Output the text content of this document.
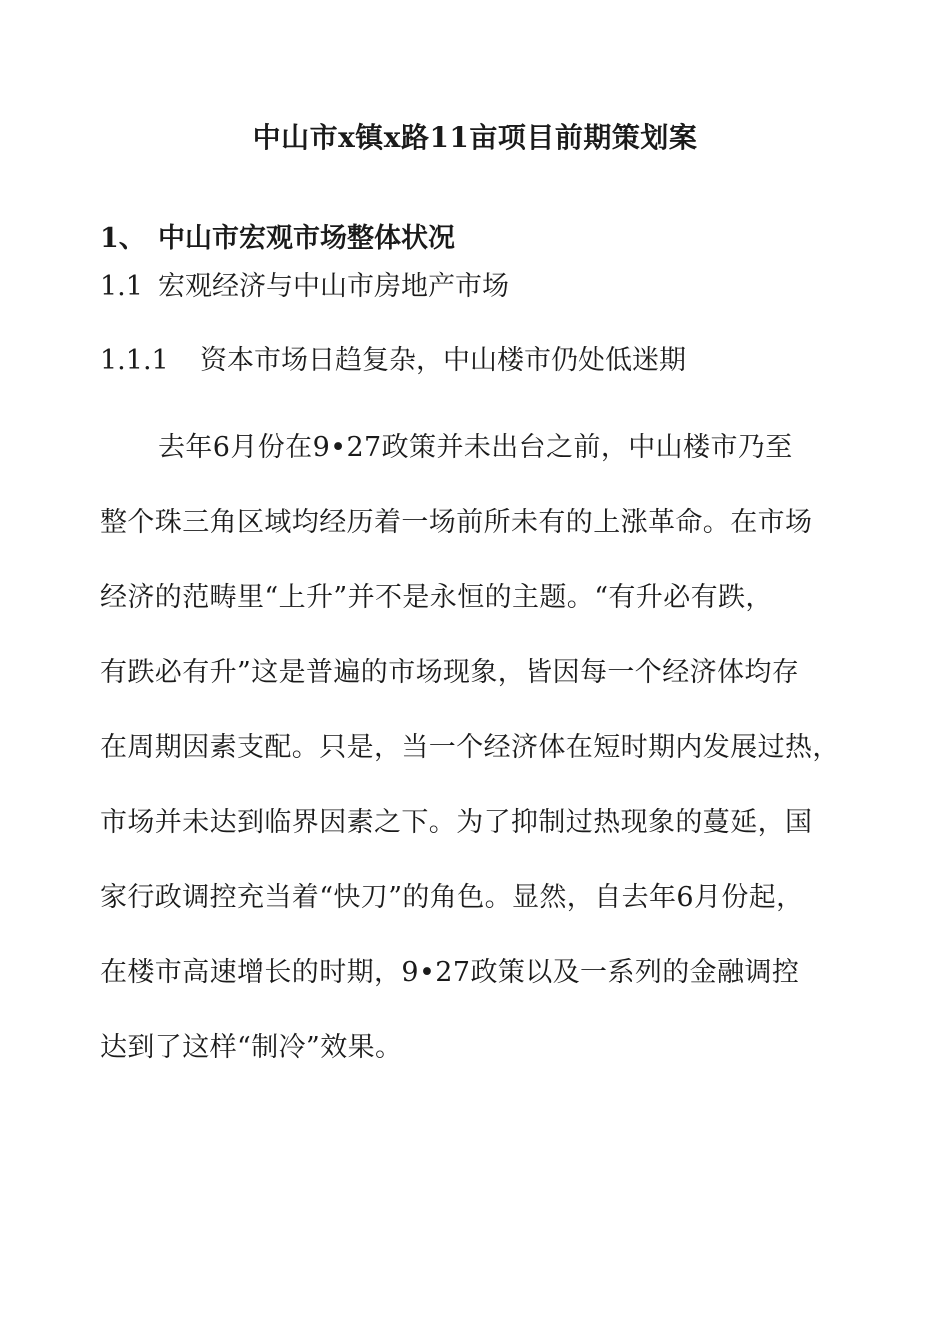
中山市x镇x路11亩项目前期策划案
1、 中山市宏观市场整体状况
1.1 宏观经济与中山市房地产市场
1.1.1 资本市场日趋复杂，中山楼市仍处低迷期
去年6月份在9•27政策并未出台之前，中山楼市乃至
整个珠三角区域均经历着一场前所未有的上涨革命。在市场
经济的范畴里“上升”并不是永恒的主题。“有升必有跌，
有跌必有升”这是普遍的市场现象，皆因每一个经济体均存
在周期因素支配。只是，当一个经济体在短时期内发展过热，
市场并未达到临界因素之下。为了抑制过热现象的蔓延，国
家行政调控充当着“快刀”的角色。显然，自去年6月份起，
在楼市高速增长的时期，9•27政策以及一系列的金融调控
达到了这样“制冷”效果。
